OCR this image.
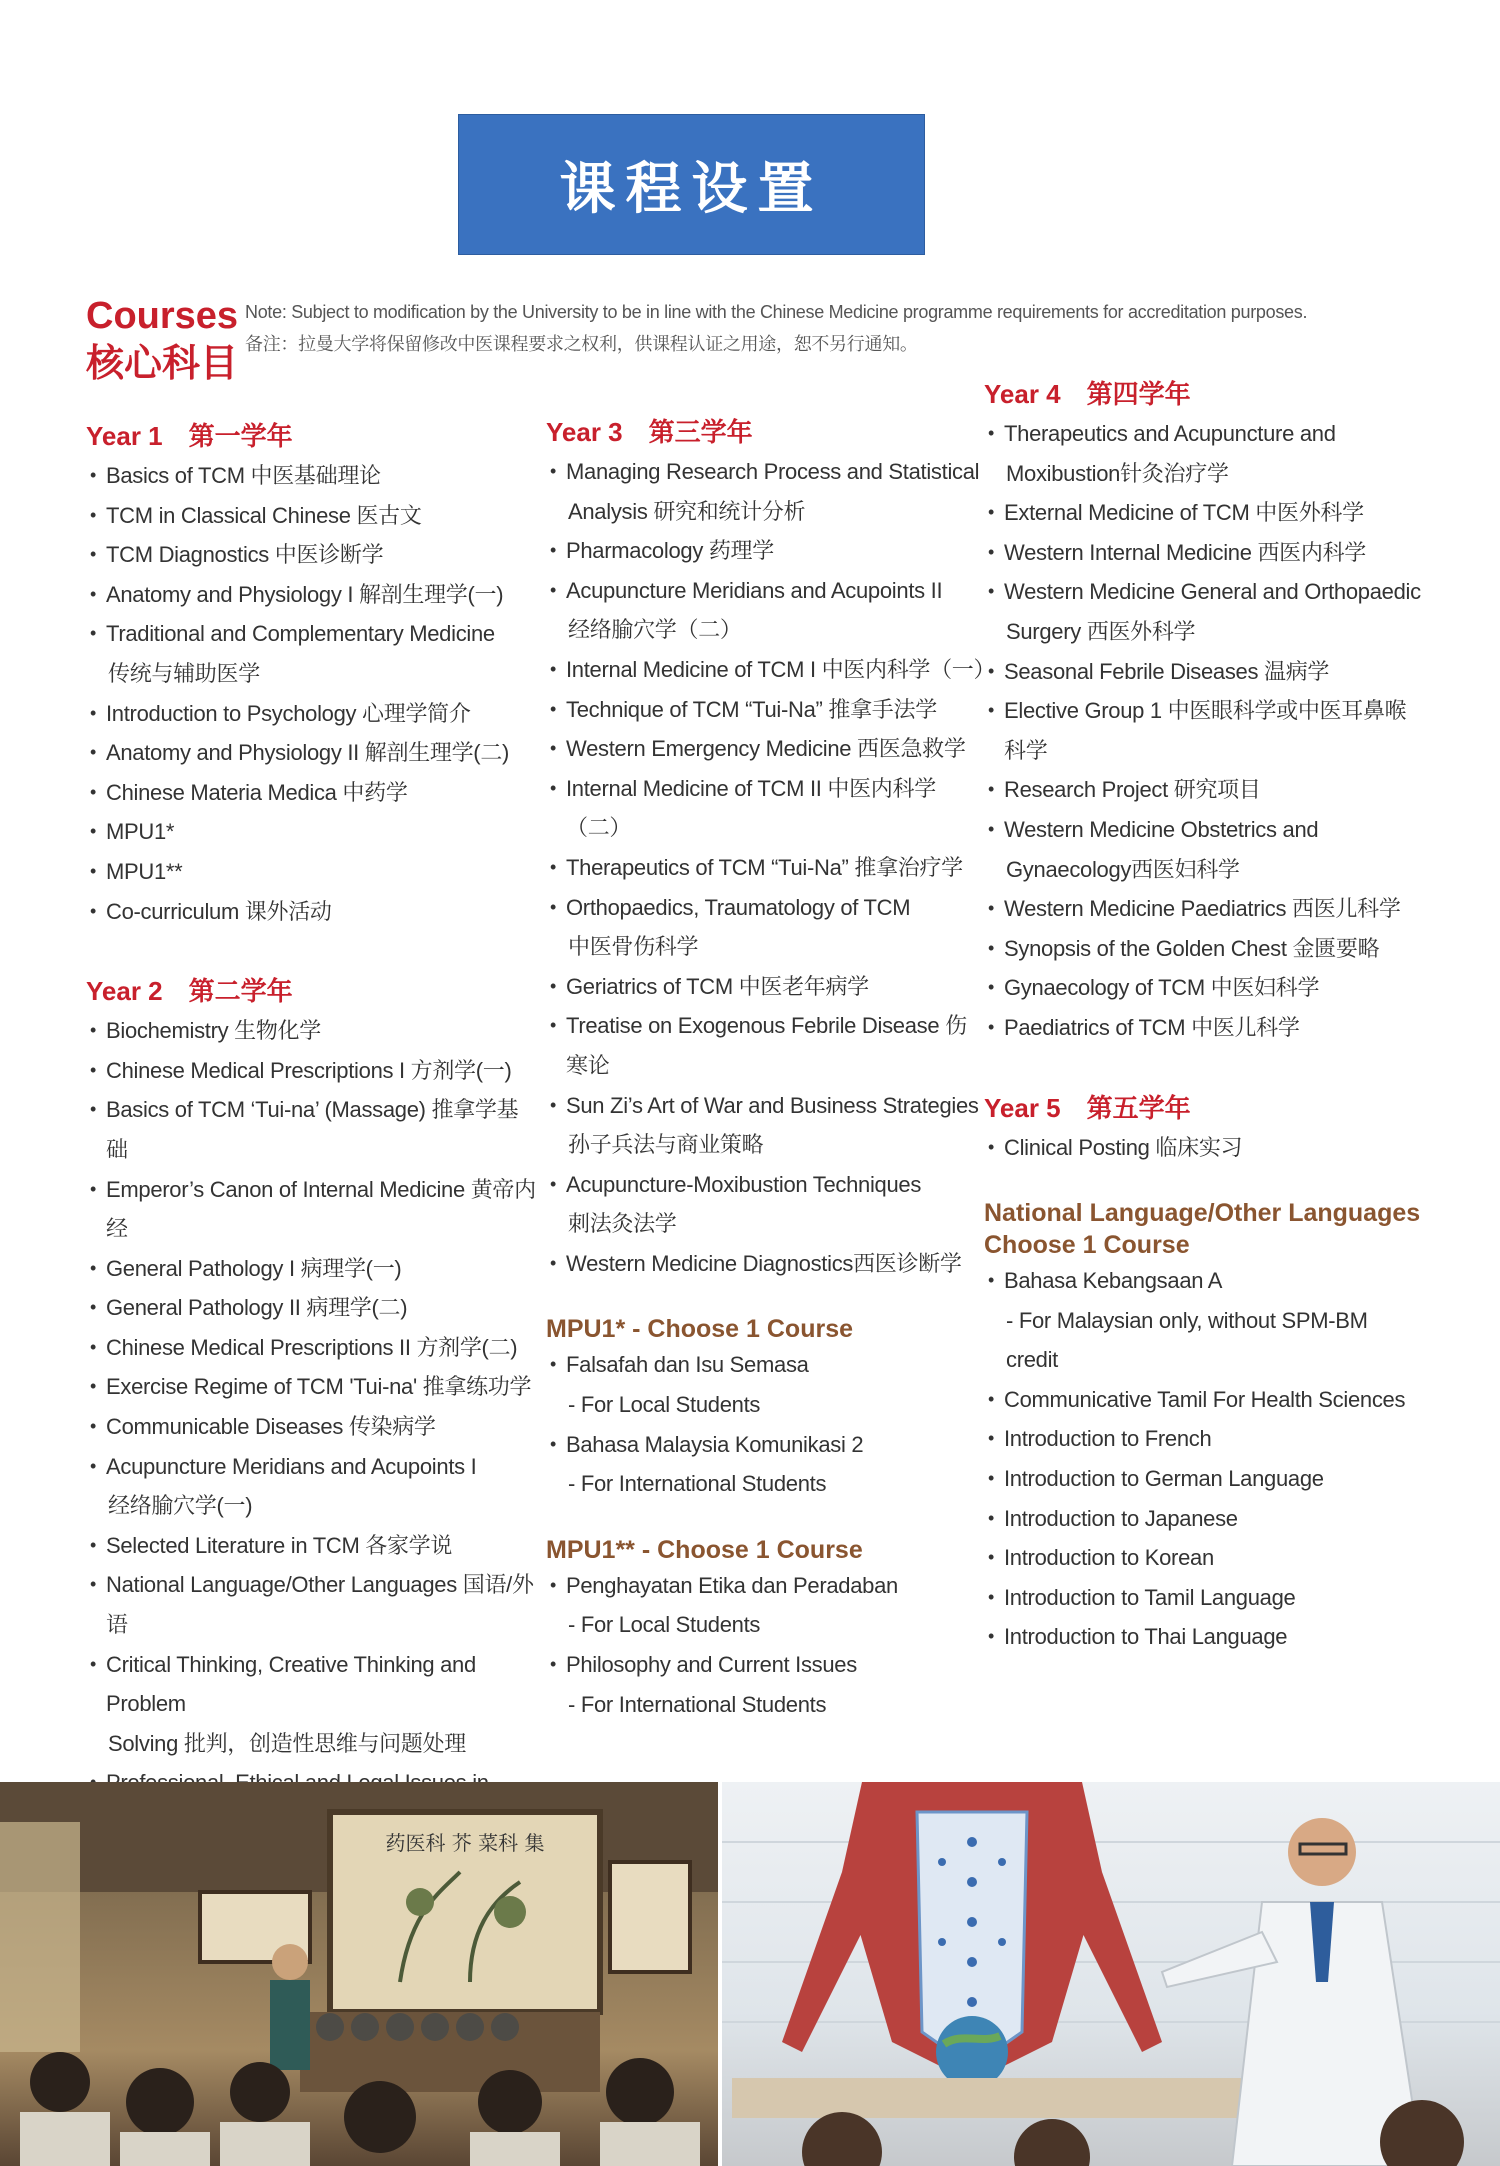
课程设置
Courses
核心科目
Note: Subject to modification by the University to be in line with the Chinese Medicine programme requirements for accreditation purposes.
备注：拉曼大学将保留修改中医课程要求之权利，供课程认证之用途，恕不另行通知。
Year 1　第一学年
• Basics of TCM 中医基础理论
• TCM in Classical Chinese 医古文
• TCM Diagnostics 中医诊断学
• Anatomy and Physiology I 解剖生理学(一)
• Traditional and Complementary Medicine
传统与辅助医学
• Introduction to Psychology 心理学简介
• Anatomy and Physiology II 解剖生理学(二)
• Chinese Materia Medica 中药学
• MPU1*
• MPU1**
• Co-curriculum 课外活动
Year 2　第二学年
• Biochemistry 生物化学
• Chinese Medical Prescriptions I 方剂学(一)
• Basics of TCM ‘Tui-na’ (Massage) 推拿学基础
• Emperor’s Canon of Internal Medicine 黄帝内经
• General Pathology I 病理学(一)
• General Pathology II 病理学(二)
• Chinese Medical Prescriptions II 方剂学(二)
• Exercise Regime of TCM 'Tui-na' 推拿练功学
• Communicable Diseases 传染病学
• Acupuncture Meridians and Acupoints I
经络腧穴学(一)
• Selected Literature in TCM 各家学说
• National Language/Other Languages 国语/外语
• Critical Thinking, Creative Thinking and Problem
Solving 批判，创造性思维与问题处理
•
•
•
Year 3　第三学年
• Managing Research Process and Statistical
Analysis 研究和统计分析
• Pharmacology 药理学
• Acupuncture Meridians and Acupoints II
经络腧穴学（二）
• Internal Medicine of TCM I 中医内科学（一）
• Technique of TCM “Tui-Na” 推拿手法学
• Western Emergency Medicine 西医急救学
• Internal Medicine of TCM II 中医内科学（二）
• Therapeutics of TCM “Tui-Na” 推拿治疗学
• Orthopaedics, Traumatology of TCM
中医骨伤科学
• Geriatrics of TCM 中医老年病学
• Treatise on Exogenous Febrile Disease 伤寒论
• Sun Zi’s Art of War and Business Strategies
孙子兵法与商业策略
• Acupuncture-Moxibustion Techniques
刺法灸法学
• Western Medicine Diagnostics西医诊断学
MPU1* - Choose 1 Course
• Falsafah dan Isu Semasa
- For Local Students
• Bahasa Malaysia Komunikasi 2
- For International Students
MPU1** - Choose 1 Course
• Penghayatan Etika dan Peradaban
- For Local Students
• Philosophy and Current Issues
- For International Students
Year 4　第四学年
• Therapeutics and Acupuncture and
Moxibustion针灸治疗学
• External Medicine of TCM 中医外科学
• Western Internal Medicine 西医内科学
• Western Medicine General and Orthopaedic
Surgery 西医外科学
• Seasonal Febrile Diseases 温病学
• Elective Group 1 中医眼科学或中医耳鼻喉科学
• Research Project 研究项目
• Western Medicine Obstetrics and
Gynaecology西医妇科学
• Western Medicine Paediatrics 西医儿科学
• Synopsis of the Golden Chest 金匮要略
• Gynaecology of TCM 中医妇科学
• Paediatrics of TCM 中医儿科学
Year 5　第五学年
• Clinical Posting 临床实习
National Language/Other Languages
Choose 1 Course
• Bahasa Kebangsaan A
- For Malaysian only, without SPM-BM credit
• Communicative Tamil For Health Sciences
• Introduction to French
• Introduction to German Language
• Introduction to Japanese
• Introduction to Korean
• Introduction to Tamil Language
• Introduction to Thai Language
药医科 芥 菜科 集
